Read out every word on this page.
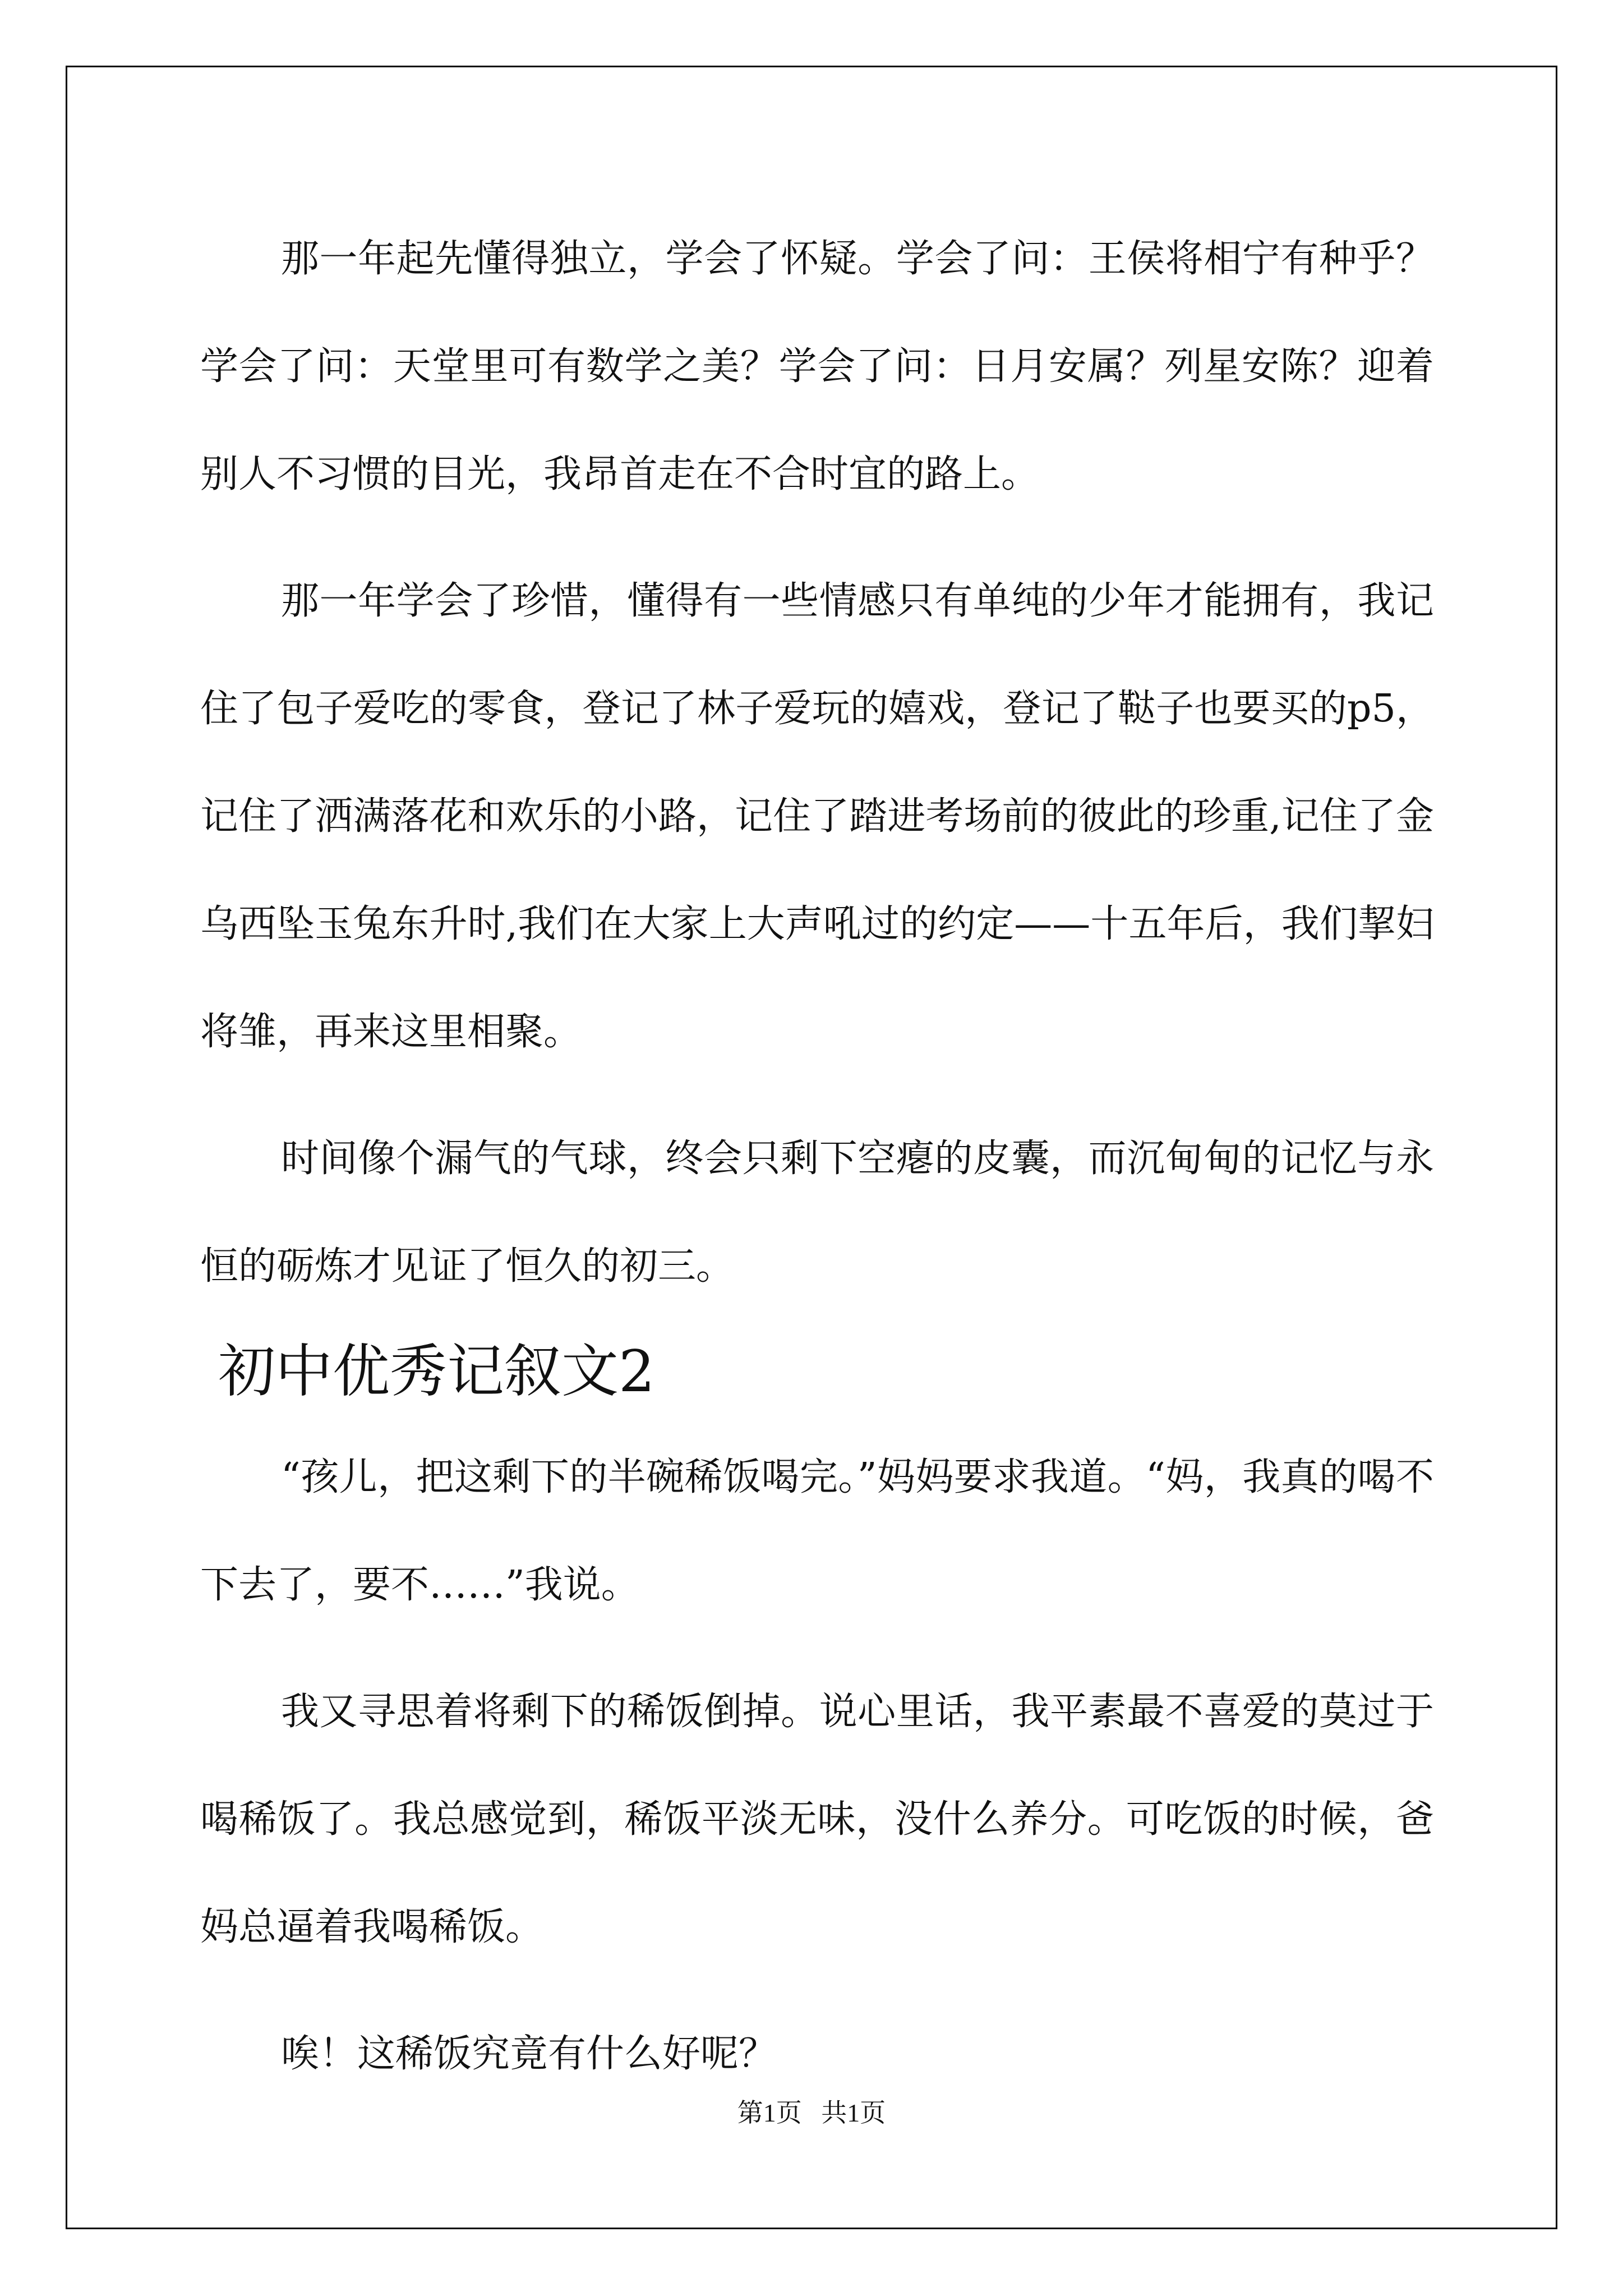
那一年起先懂得独立，学会了怀疑。学会了问：王侯将相宁有种乎？学会了问：天堂里可有数学之美？学会了问：日月安属？列星安陈？迎着别人不习惯的目光，我昂首走在不合时宜的路上。

那一年学会了珍惜，懂得有一些情感只有单纯的少年才能拥有，我记住了包子爱吃的零食，登记了林子爱玩的嬉戏，登记了鞑子也要买的p5，记住了洒满落花和欢乐的小路，记住了踏进考场前的彼此的珍重,记住了金乌西坠玉兔东升时,我们在大家上大声吼过的约定——十五年后，我们挈妇将雏，再来这里相聚。

时间像个漏气的气球，终会只剩下空瘪的皮囊，而沉甸甸的记忆与永恒的砺炼才见证了恒久的初三。

初中优秀记叙文2

“孩儿，把这剩下的半碗稀饭喝完。”妈妈要求我道。“妈，我真的喝不下去了，要不……”我说。

我又寻思着将剩下的稀饭倒掉。说心里话，我平素最不喜爱的莫过于喝稀饭了。我总感觉到，稀饭平淡无味，没什么养分。可吃饭的时候，爸妈总逼着我喝稀饭。

唉！这稀饭究竟有什么好呢？

第1页   共1页
